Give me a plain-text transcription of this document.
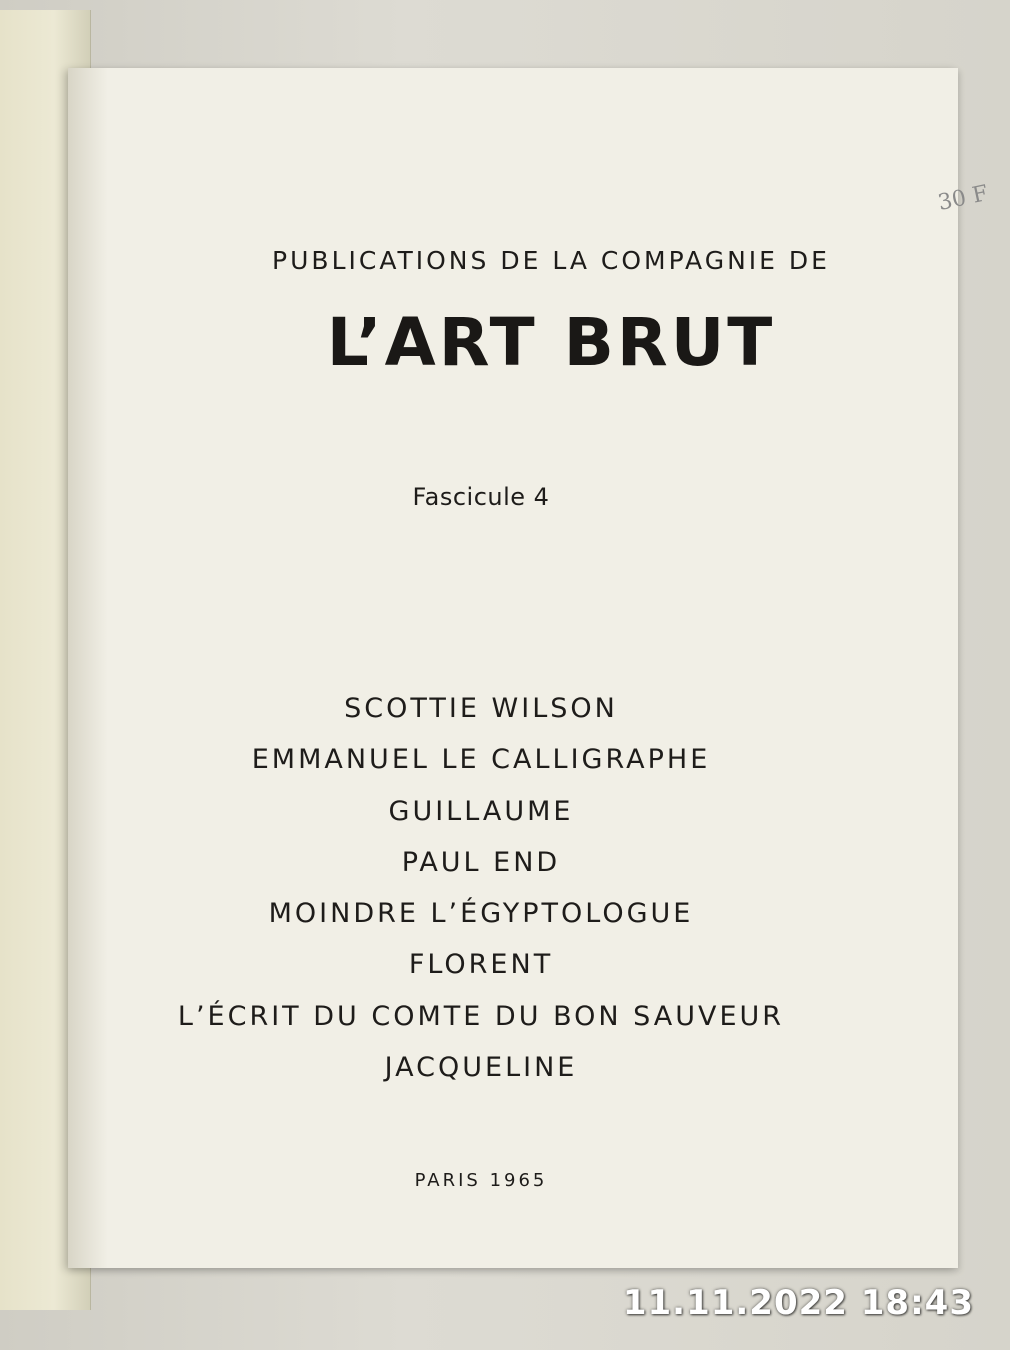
30 F
PUBLICATIONS DE LA COMPAGNIE DE
L’ART BRUT
Fascicule 4
SCOTTIE WILSON
EMMANUEL LE CALLIGRAPHE
GUILLAUME
PAUL END
MOINDRE L’ÉGYPTOLOGUE
FLORENT
L’ÉCRIT DU COMTE DU BON SAUVEUR
JACQUELINE
PARIS 1965
11.11.2022 18:43
